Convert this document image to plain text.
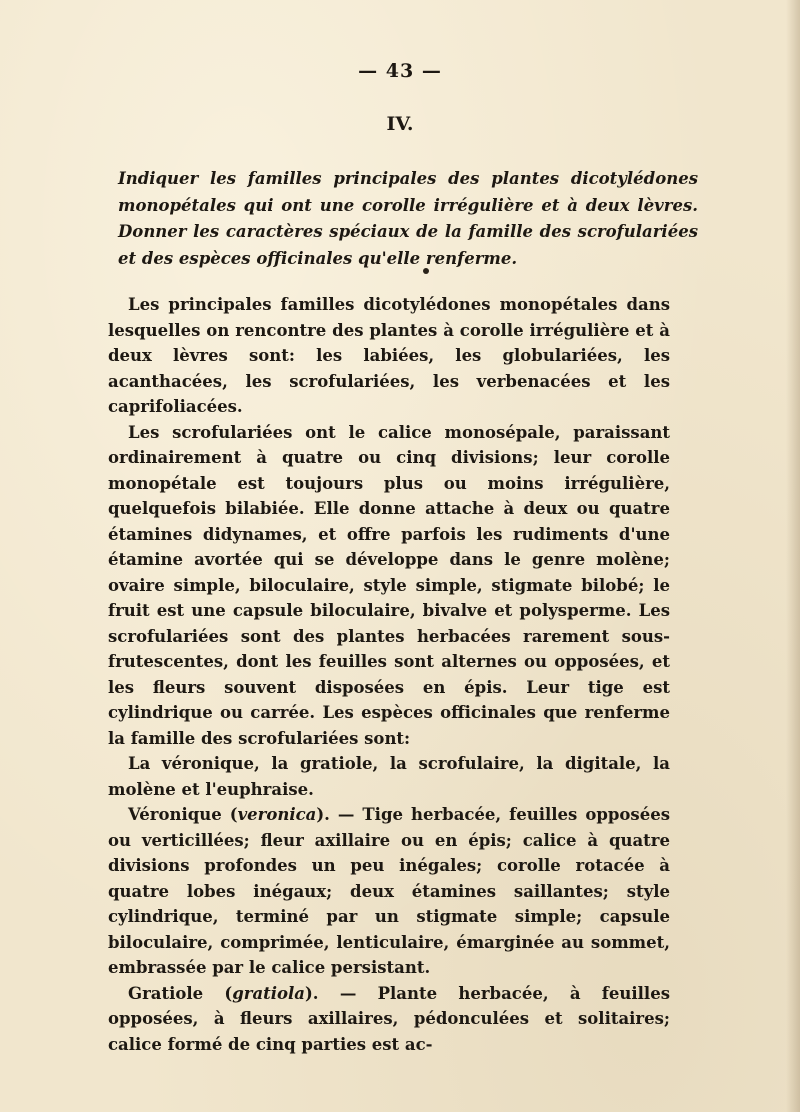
— 43 —
IV.
Indiquer les familles principales des plantes dicotylédones monopétales qui ont une corolle irrégulière et à deux lèvres. Donner les caractères spéciaux de la famille des scrofulariées et des espèces officinales qu'elle renferme.

Les principales familles dicotylédones monopétales dans lesquelles on rencontre des plantes à corolle irrégulière et à deux lèvres sont: les labiées, les globulariées, les acanthacées, les scrofulariées, les verbenacées et les caprifoliacées.

Les scrofulariées ont le calice monosépale, paraissant ordinairement à quatre ou cinq divisions; leur corolle monopétale est toujours plus ou moins irrégulière, quelquefois bilabiée. Elle donne attache à deux ou quatre étamines didynames, et offre parfois les rudiments d'une étamine avortée qui se développe dans le genre molène; ovaire simple, biloculaire, style simple, stigmate bilobé; le fruit est une capsule biloculaire, bivalve et polysperme. Les scrofulariées sont des plantes herbacées rarement sous-frutescentes, dont les feuilles sont alternes ou opposées, et les fleurs souvent disposées en épis. Leur tige est cylindrique ou carrée. Les espèces officinales que renferme la famille des scrofulariées sont:

La véronique, la gratiole, la scrofulaire, la digitale, la molène et l'euphraise.

Véronique (veronica). — Tige herbacée, feuilles opposées ou verticillées; fleur axillaire ou en épis; calice à quatre divisions profondes un peu inégales; corolle rotacée à quatre lobes inégaux; deux étamines saillantes; style cylindrique, terminé par un stigmate simple; capsule biloculaire, comprimée, lenticulaire, émarginée au sommet, embrassée par le calice persistant.

Gratiole (gratiola). — Plante herbacée, à feuilles opposées, à fleurs axillaires, pédonculées et solitaires; calice formé de cinq parties est ac-
